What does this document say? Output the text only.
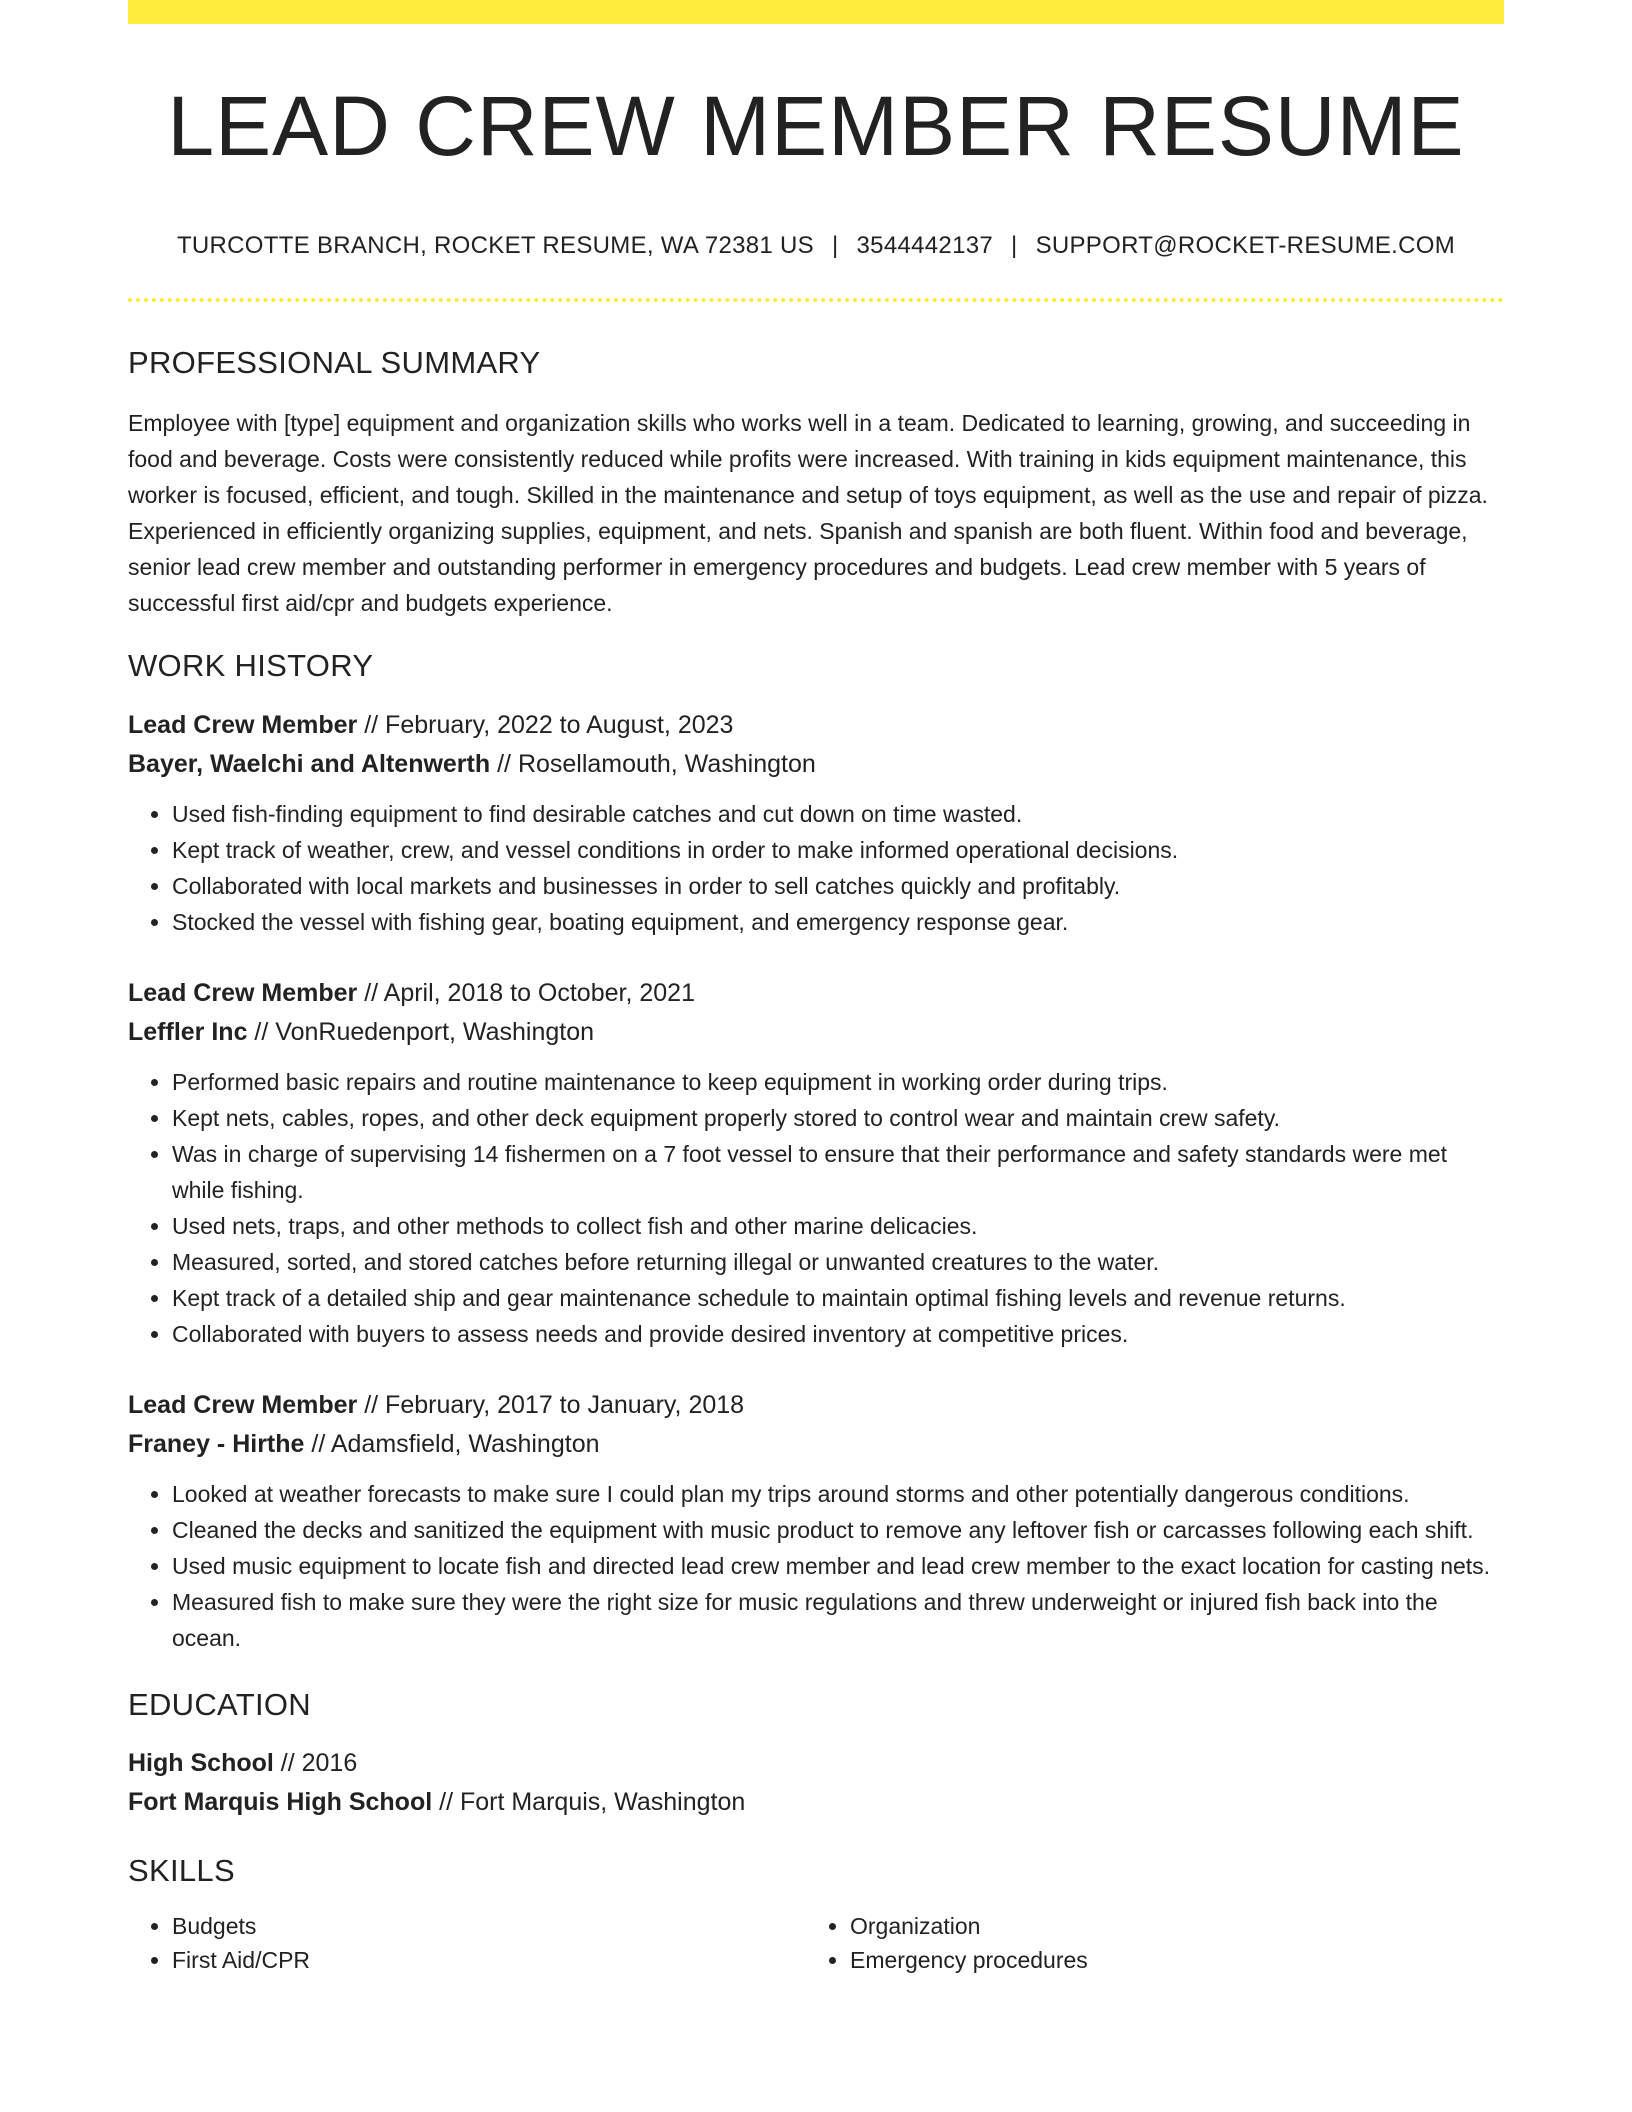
LEAD CREW MEMBER RESUME
TURCOTTE BRANCH, ROCKET RESUME, WA 72381 US | 3544442137 | SUPPORT@ROCKET-RESUME.COM
PROFESSIONAL SUMMARY
Employee with [type] equipment and organization skills who works well in a team. Dedicated to learning, growing, and succeeding in food and beverage. Costs were consistently reduced while profits were increased. With training in kids equipment maintenance, this worker is focused, efficient, and tough. Skilled in the maintenance and setup of toys equipment, as well as the use and repair of pizza. Experienced in efficiently organizing supplies, equipment, and nets. Spanish and spanish are both fluent. Within food and beverage, senior lead crew member and outstanding performer in emergency procedures and budgets. Lead crew member with 5 years of successful first aid/cpr and budgets experience.
WORK HISTORY
Lead Crew Member // February, 2022 to August, 2023
Bayer, Waelchi and Altenwerth // Rosellamouth, Washington
• Used fish-finding equipment to find desirable catches and cut down on time wasted.
• Kept track of weather, crew, and vessel conditions in order to make informed operational decisions.
• Collaborated with local markets and businesses in order to sell catches quickly and profitably.
• Stocked the vessel with fishing gear, boating equipment, and emergency response gear.
Lead Crew Member // April, 2018 to October, 2021
Leffler Inc // VonRuedenport, Washington
• Performed basic repairs and routine maintenance to keep equipment in working order during trips.
• Kept nets, cables, ropes, and other deck equipment properly stored to control wear and maintain crew safety.
• Was in charge of supervising 14 fishermen on a 7 foot vessel to ensure that their performance and safety standards were met while fishing.
• Used nets, traps, and other methods to collect fish and other marine delicacies.
• Measured, sorted, and stored catches before returning illegal or unwanted creatures to the water.
• Kept track of a detailed ship and gear maintenance schedule to maintain optimal fishing levels and revenue returns.
• Collaborated with buyers to assess needs and provide desired inventory at competitive prices.
Lead Crew Member // February, 2017 to January, 2018
Franey - Hirthe // Adamsfield, Washington
• Looked at weather forecasts to make sure I could plan my trips around storms and other potentially dangerous conditions.
• Cleaned the decks and sanitized the equipment with music product to remove any leftover fish or carcasses following each shift.
• Used music equipment to locate fish and directed lead crew member and lead crew member to the exact location for casting nets.
• Measured fish to make sure they were the right size for music regulations and threw underweight or injured fish back into the ocean.
EDUCATION
High School // 2016
Fort Marquis High School // Fort Marquis, Washington
SKILLS
• Budgets
• First Aid/CPR
• Organization
• Emergency procedures
